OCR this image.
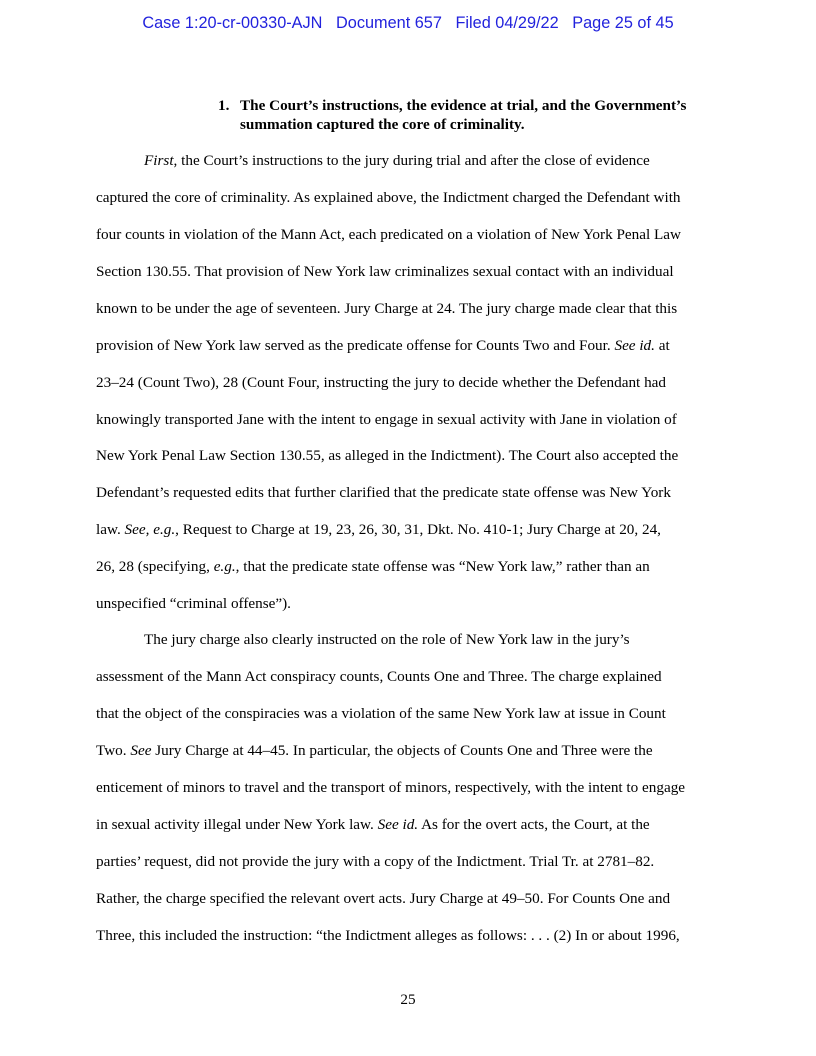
Case 1:20-cr-00330-AJN   Document 657   Filed 04/29/22   Page 25 of 45
1. The Court’s instructions, the evidence at trial, and the Government’s
summation captured the core of criminality.
First, the Court’s instructions to the jury during trial and after the close of evidence
captured the core of criminality. As explained above, the Indictment charged the Defendant with
four counts in violation of the Mann Act, each predicated on a violation of New York Penal Law
Section 130.55. That provision of New York law criminalizes sexual contact with an individual
known to be under the age of seventeen. Jury Charge at 24. The jury charge made clear that this
provision of New York law served as the predicate offense for Counts Two and Four. See id. at
23–24 (Count Two), 28 (Count Four, instructing the jury to decide whether the Defendant had
knowingly transported Jane with the intent to engage in sexual activity with Jane in violation of
New York Penal Law Section 130.55, as alleged in the Indictment). The Court also accepted the
Defendant’s requested edits that further clarified that the predicate state offense was New York
law. See, e.g., Request to Charge at 19, 23, 26, 30, 31, Dkt. No. 410-1; Jury Charge at 20, 24,
26, 28 (specifying, e.g., that the predicate state offense was “New York law,” rather than an
unspecified “criminal offense”).
The jury charge also clearly instructed on the role of New York law in the jury’s
assessment of the Mann Act conspiracy counts, Counts One and Three. The charge explained
that the object of the conspiracies was a violation of the same New York law at issue in Count
Two. See Jury Charge at 44–45. In particular, the objects of Counts One and Three were the
enticement of minors to travel and the transport of minors, respectively, with the intent to engage
in sexual activity illegal under New York law. See id. As for the overt acts, the Court, at the
parties’ request, did not provide the jury with a copy of the Indictment. Trial Tr. at 2781–82.
Rather, the charge specified the relevant overt acts. Jury Charge at 49–50. For Counts One and
Three, this included the instruction: “the Indictment alleges as follows: . . . (2) In or about 1996,
25
